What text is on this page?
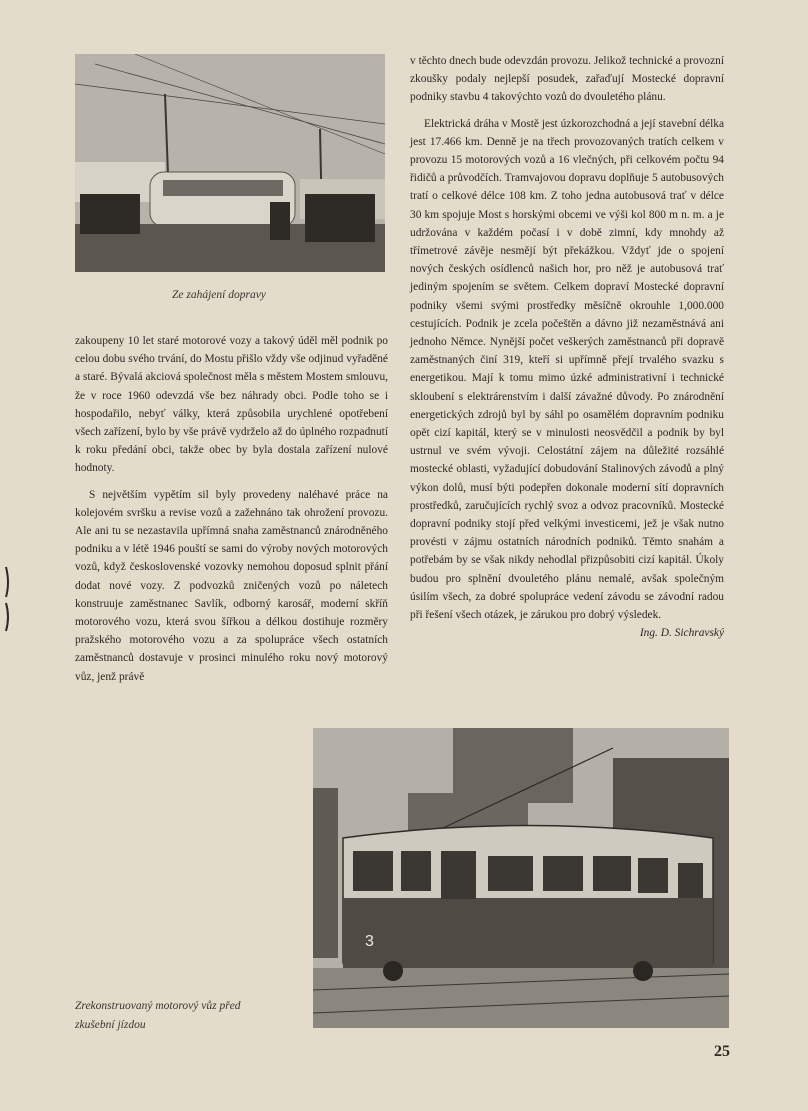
Ze zahájení dopravy

zakoupeny 10 let staré motorové vozy a takový úděl měl podnik po celou dobu svého trvání, do Mostu přišlo vždy vše odjinud vyřaděné a staré. Bývalá akciová společnost měla s městem Mostem smlouvu, že v roce 1960 odevzdá vše bez náhrady obci. Podle toho se i hospodařilo, nebyť války, která způsobila urychlené opotřebení všech zařízení, bylo by vše právě vydrželo až do úplného rozpadnutí k roku předání obci, takže obec by byla dostala zařízení nulové hodnoty.

S největším vypětím sil byly provedeny naléhavé práce na kolejovém svršku a revise vozů a zažehnáno tak ohrožení provozu. Ale ani tu se nezastavila upřímná snaha zaměstnanců znárodněného podniku a v létě 1946 pouští se sami do výroby nových motorových vozů, když československé vozovky nemohou doposud splnit přání dodat nové vozy. Z podvozků zničených vozů po náletech konstruuje zaměstnanec Savlík, odborný karosář, moderní skříň motorového vozu, která svou šířkou a délkou dostihuje rozměry pražského motorového vozu a za spolupráce všech ostatních zaměstnanců dostavuje v prosinci minulého roku nový motorový vůz, jenž právě

v těchto dnech bude odevzdán provozu. Jelikož technické a provozní zkoušky podaly nejlepší posudek, zařaďují Mostecké dopravní podniky stavbu 4 takovýchto vozů do dvouletého plánu.

Elektrická dráha v Mostě jest úzkorozchodná a její stavební délka jest 17.466 km. Denně je na třech provozovaných tratích celkem v provozu 15 motorových vozů a 16 vlečných, při celkovém počtu 94 řidičů a průvodčích. Tramvajovou dopravu doplňuje 5 autobusových tratí o celkové délce 108 km. Z toho jedna autobusová trať v délce 30 km spojuje Most s horskými obcemi ve výši kol 800 m n. m. a je udržována v každém počasí i v době zimní, kdy mnohdy až třímetrové závěje nesmějí být překážkou. Vždyť jde o spojení nových českých osídlenců našich hor, pro něž je autobusová trať jediným spojením se světem. Celkem dopraví Mostecké dopravní podniky všemi svými prostředky měsíčně okrouhle 1,000.000 cestujících. Podnik je zcela počeštěn a dávno již nezaměstnává ani jednoho Němce. Nynější počet veškerých zaměstnanců při dopravě zaměstnaných činí 319, kteří si upřímně přejí trvalého svazku s energetikou. Mají k tomu mimo úzké administrativní i technické skloubení s elektrárenstvím i další závažné důvody. Po znárodnění energetických zdrojů byl by sáhl po osamělém dopravním podniku opět cizí kapitál, který se v minulosti neosvědčil a podnik by byl ustrnul ve svém vývoji. Celostátní zájem na důležité rozsáhlé mostecké oblasti, vyžadující dobudování Stalinových závodů a plný výkon dolů, musí býti podepřen dokonale moderní sítí dopravních prostředků, zaručujících rychlý svoz a odvoz pracovníků. Mostecké dopravní podniky stojí před velkými investicemi, jež je však nutno provésti v zájmu ostatních národních podniků. Těmto snahám a potřebám by se však nikdy nehodlal přizpůsobiti cizí kapitál. Úkoly budou pro splnění dvouletého plánu nemalé, avšak společným úsilím všech, za dobré spolupráce vedení závodu se závodní radou při řešení všech otázek, je zárukou pro dobrý výsledek.

Ing. D. Sichravský

3
Zrekonstruovaný motorový vůz před
zkušební jízdou
25
